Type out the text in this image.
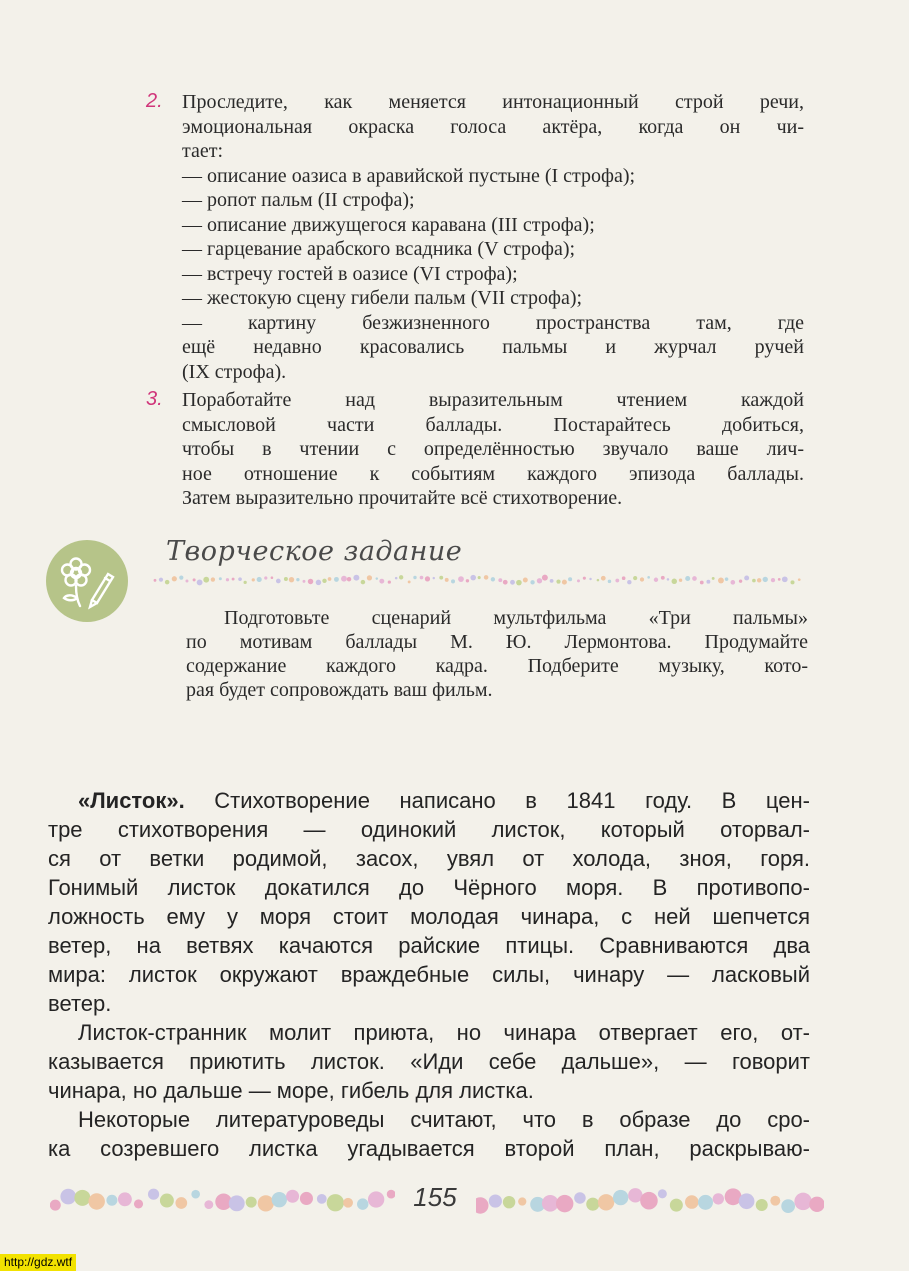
2. Проследите, как меняется интонационный строй речи,

эмоциональная окраска голоса актёра, когда он чи-

тает:

— описание оазиса в аравийской пустыне (I строфа);

— ропот пальм (II строфа);

— описание движущегося каравана (III строфа);

— гарцевание арабского всадника (V строфа);

— встречу гостей в оазисе (VI строфа);

— жестокую сцену гибели пальм (VII строфа);

— картину безжизненного пространства там, где

ещё недавно красовались пальмы и журчал ручей

(IX строфа).

3. Поработайте над выразительным чтением каждой

смысловой части баллады. Постарайтесь добиться,

чтобы в чтении с определённостью звучало ваше лич-

ное отношение к событиям каждого эпизода баллады.

Затем выразительно прочитайте всё стихотворение.

Творческое задание

Подготовьте сценарий мультфильма «Три пальмы»

по мотивам баллады М. Ю. Лермонтова. Продумайте

содержание каждого кадра. Подберите музыку, кото-

рая будет сопровождать ваш фильм.

«Листок». Стихотворение написано в 1841 году. В цен-

тре стихотворения — одинокий листок, который оторвал-

ся от ветки родимой, засох, увял от холода, зноя, горя.

Гонимый листок докатился до Чёрного моря. В противопо-

ложность ему у моря стоит молодая чинара, с ней шепчется

ветер, на ветвях качаются райские птицы. Сравниваются два

мира: листок окружают враждебные силы, чинару — ласковый

ветер.

Листок-странник молит приюта, но чинара отвергает его, от-

казывается приютить листок. «Иди себе дальше», — говорит

чинара, но дальше — море, гибель для листка.

Некоторые литературоведы считают, что в образе до сро-

ка созревшего листка угадывается второй план, раскрываю-

155
http://gdz.wtf
